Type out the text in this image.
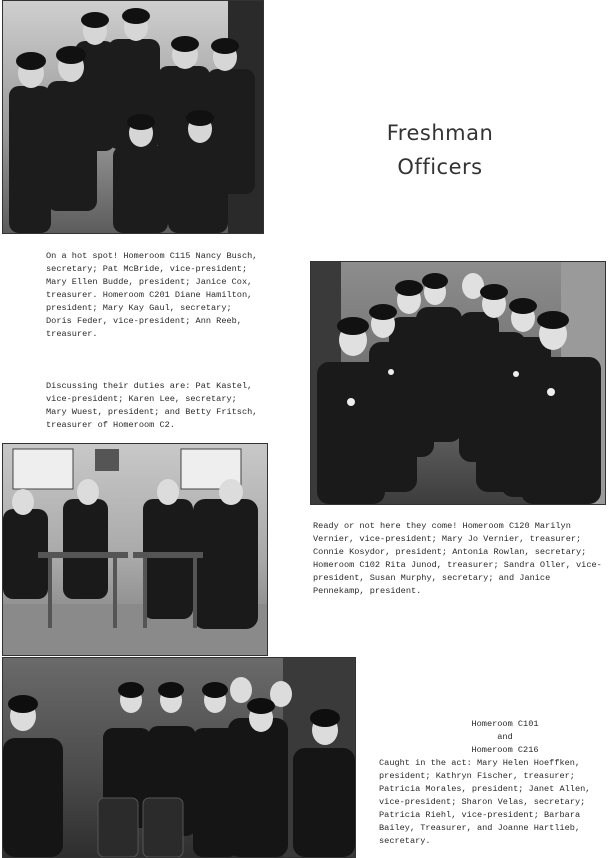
Freshman
Officers

On a hot spot! Homeroom C115 Nancy Busch, secretary; Pat McBride, vice-president; Mary Ellen Budde, president; Janice Cox, treasurer. Homeroom C201 Diane Hamilton, president; Mary Kay Gaul, secretary; Doris Feder, vice-president; Ann Reeb, treasurer.

Discussing their duties are: Pat Kastel, vice-president; Karen Lee, secretary; Mary Wuest, president; and Betty Fritsch, treasurer of Homeroom C2.

Ready or not here they come! Homeroom C120 Marilyn Vernier, vice-president; Mary Jo Vernier, treasurer; Connie Kosydor, president; Antonia Rowlan, secretary; Homeroom C102 Rita Junod, treasurer; Sandra Oller, vice-president, Susan Murphy, secretary; and Janice Pennekamp, president.

Homeroom C101
and
Homeroom C216

Caught in the act: Mary Helen Hoeffken, president; Kathryn Fischer, treasurer; Patricia Morales, president; Janet Allen, vice-president; Sharon Velas, secretary; Patricia Riehl, vice-president; Barbara Bailey, Treasurer, and Joanne Hartlieb, secretary.
